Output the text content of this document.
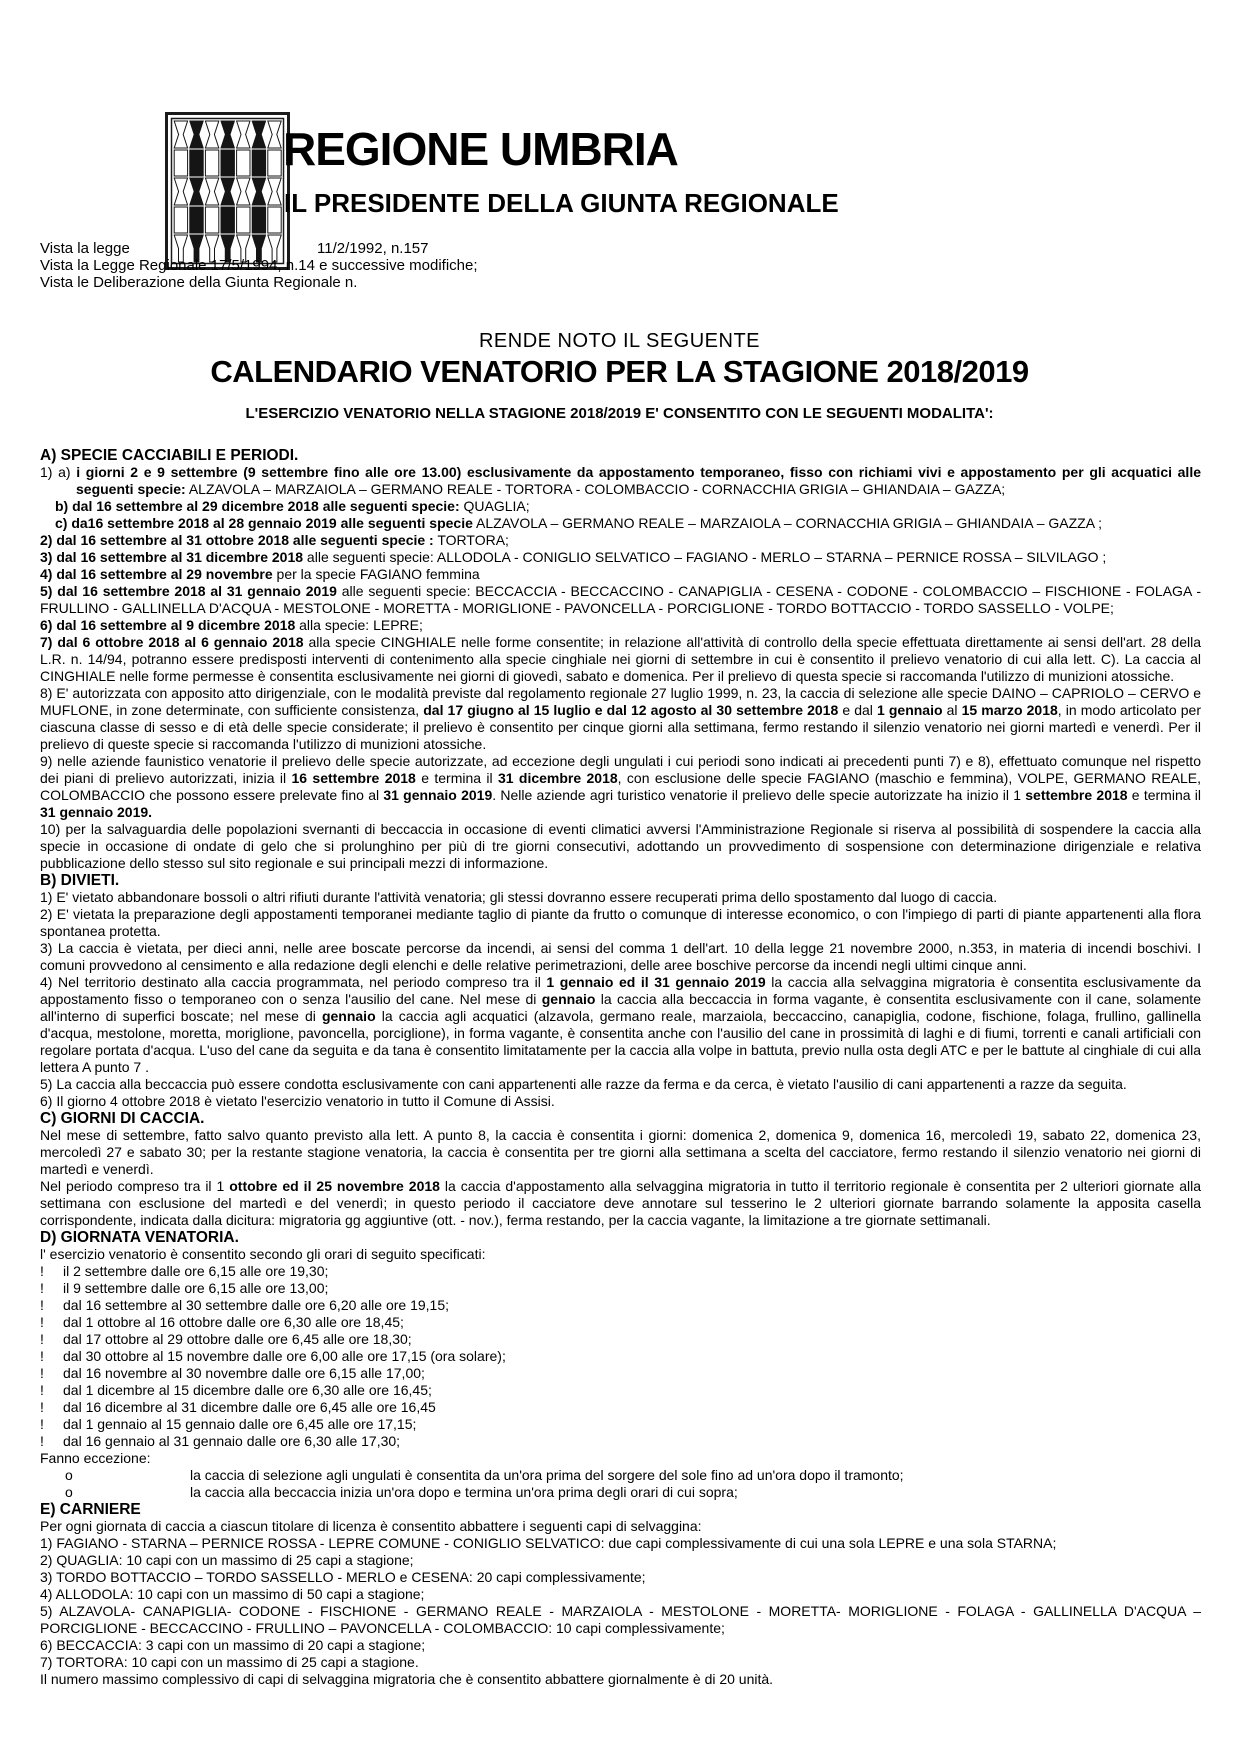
REGIONE UMBRIA
IL PRESIDENTE DELLA GIUNTA REGIONALE
Vista la legge	11/2/1992, n.157
Vista la Legge Regionale 17/5/1994, n.14 e successive modifiche;
Vista le Deliberazione della Giunta Regionale n.
RENDE NOTO IL SEGUENTE
CALENDARIO VENATORIO PER LA STAGIONE 2018/2019
L'ESERCIZIO VENATORIO NELLA STAGIONE 2018/2019 E' CONSENTITO CON LE SEGUENTI MODALITA':
A) SPECIE CACCIABILI E PERIODI.
1) a) i giorni 2 e 9 settembre (9 settembre fino alle ore 13.00) esclusivamente da appostamento temporaneo, fisso con richiami vivi e appostamento per gli acquatici alle seguenti specie: ALZAVOLA – MARZAIOLA – GERMANO REALE - TORTORA - COLOMBACCIO - CORNACCHIA GRIGIA – GHIANDAIA – GAZZA;
b) dal 16 settembre al 29 dicembre 2018 alle seguenti specie: QUAGLIA;
c) da16 settembre 2018 al 28 gennaio 2019 alle seguenti specie ALZAVOLA – GERMANO REALE – MARZAIOLA – CORNACCHIA GRIGIA – GHIANDAIA – GAZZA ;
2) dal 16 settembre al 31 ottobre 2018 alle seguenti specie : TORTORA;
3) dal 16 settembre al 31 dicembre 2018 alle seguenti specie: ALLODOLA - CONIGLIO SELVATICO – FAGIANO - MERLO – STARNA – PERNICE ROSSA – SILVILAGO ;
4) dal 16 settembre al 29 novembre per la specie FAGIANO femmina
5) dal 16 settembre 2018 al 31 gennaio 2019 alle seguenti specie: BECCACCIA - BECCACCINO - CANAPIGLIA - CESENA - CODONE - COLOMBACCIO – FISCHIONE - FOLAGA - FRULLINO - GALLINELLA D'ACQUA - MESTOLONE - MORETTA - MORIGLIONE - PAVONCELLA - PORCIGLIONE - TORDO BOTTACCIO - TORDO SASSELLO - VOLPE;
6) dal 16 settembre al 9 dicembre 2018 alla specie: LEPRE;
7) dal 6 ottobre 2018 al 6 gennaio 2018 alla specie CINGHIALE nelle forme consentite; in relazione all'attività di controllo della specie effettuata direttamente ai sensi dell'art. 28 della L.R. n. 14/94, potranno essere predisposti interventi di contenimento alla specie cinghiale nei giorni di settembre in cui è consentito il prelievo venatorio di cui alla lett. C). La caccia al CINGHIALE nelle forme permesse è consentita esclusivamente nei giorni di giovedì, sabato e domenica. Per il prelievo di questa specie si raccomanda l'utilizzo di munizioni atossiche.
8) E' autorizzata con apposito atto dirigenziale, con le modalità previste dal regolamento regionale 27 luglio 1999, n. 23, la caccia di selezione alle specie DAINO – CAPRIOLO – CERVO e MUFLONE, in zone determinate, con sufficiente consistenza, dal 17 giugno al 15 luglio e dal 12 agosto al 30 settembre 2018 e dal 1 gennaio al 15 marzo 2018, in modo articolato per ciascuna classe di sesso e di età delle specie considerate; il prelievo è consentito per cinque giorni alla settimana, fermo restando il silenzio venatorio nei giorni martedì e venerdì. Per il prelievo di queste specie si raccomanda l'utilizzo di munizioni atossiche.
9) nelle aziende faunistico venatorie il prelievo delle specie autorizzate, ad eccezione degli ungulati i cui periodi sono indicati ai precedenti punti 7) e 8), effettuato comunque nel rispetto dei piani di prelievo autorizzati, inizia il 16 settembre 2018 e termina il 31 dicembre 2018, con esclusione delle specie FAGIANO (maschio e femmina), VOLPE, GERMANO REALE, COLOMBACCIO che possono essere prelevate fino al 31 gennaio 2019. Nelle aziende agri turistico venatorie il prelievo delle specie autorizzate ha inizio il 1 settembre 2018 e termina il 31 gennaio 2019.
10) per la salvaguardia delle popolazioni svernanti di beccaccia in occasione di eventi climatici avversi l'Amministrazione Regionale si riserva al possibilità di sospendere la caccia alla specie in occasione di ondate di gelo che si prolunghino per più di tre giorni consecutivi, adottando un provvedimento di sospensione con determinazione dirigenziale e relativa pubblicazione dello stesso sul sito regionale e sui principali mezzi di informazione.
B) DIVIETI.
1) E' vietato abbandonare bossoli o altri rifiuti durante l'attività venatoria; gli stessi dovranno essere recuperati prima dello spostamento dal luogo di caccia.
2) E' vietata la preparazione degli appostamenti temporanei mediante taglio di piante da frutto o comunque di interesse economico, o con l'impiego di parti di piante appartenenti alla flora spontanea protetta.
3) La caccia è vietata, per dieci anni, nelle aree boscate percorse da incendi, ai sensi del comma 1 dell'art. 10 della legge 21 novembre 2000, n.353, in materia di incendi boschivi. I comuni provvedono al censimento e alla redazione degli elenchi e delle relative perimetrazioni, delle aree boschive percorse da incendi negli ultimi cinque anni.
4) Nel territorio destinato alla caccia programmata, nel periodo compreso tra il 1 gennaio ed il 31 gennaio 2019 la caccia alla selvaggina migratoria è consentita esclusivamente da appostamento fisso o temporaneo con o senza l'ausilio del cane. Nel mese di gennaio la caccia alla beccaccia in forma vagante, è consentita esclusivamente con il cane, solamente all'interno di superfici boscate; nel mese di gennaio la caccia agli acquatici (alzavola, germano reale, marzaiola, beccaccino, canapiglia, codone, fischione, folaga, frullino, gallinella d'acqua, mestolone, moretta, moriglione, pavoncella, porciglione), in forma vagante, è consentita anche con l'ausilio del cane in prossimità di laghi e di fiumi, torrenti e canali artificiali con regolare portata d'acqua. L'uso del cane da seguita e da tana è consentito limitatamente per la caccia alla volpe in battuta, previo nulla osta degli ATC e per le battute al cinghiale di cui alla lettera A punto 7 .
5) La caccia alla beccaccia può essere condotta esclusivamente con cani appartenenti alle razze da ferma e da cerca, è vietato l'ausilio di cani appartenenti a razze da seguita.
6) Il giorno 4 ottobre 2018 è vietato l'esercizio venatorio in tutto il Comune di Assisi.
C) GIORNI DI CACCIA.
Nel mese di settembre, fatto salvo quanto previsto alla lett. A punto 8, la caccia è consentita i giorni: domenica 2, domenica 9, domenica 16, mercoledì 19, sabato 22, domenica 23, mercoledì 27 e sabato 30; per la restante stagione venatoria, la caccia è consentita per tre giorni alla settimana a scelta del cacciatore, fermo restando il silenzio venatorio nei giorni di martedì e venerdì.
Nel periodo compreso tra il 1 ottobre ed il 25 novembre 2018 la caccia d'appostamento alla selvaggina migratoria in tutto il territorio regionale è consentita per 2 ulteriori giornate alla settimana con esclusione del martedì e del venerdì; in questo periodo il cacciatore deve annotare sul tesserino le 2 ulteriori giornate barrando solamente la apposita casella corrispondente, indicata dalla dicitura: migratoria gg aggiuntive (ott. - nov.), ferma restando, per la caccia vagante, la limitazione a tre giornate settimanali.
D) GIORNATA VENATORIA.
l' esercizio venatorio è consentito secondo gli orari di seguito specificati:
!	il 2 settembre dalle ore 6,15 alle ore 19,30;
!	il 9 settembre dalle ore 6,15 alle ore 13,00;
!	dal 16 settembre al 30 settembre dalle ore 6,20 alle ore 19,15;
!	dal 1 ottobre al 16 ottobre dalle ore 6,30 alle ore 18,45;
!	dal 17 ottobre al 29 ottobre dalle ore 6,45 alle ore 18,30;
!	dal 30 ottobre al 15 novembre dalle ore 6,00 alle ore 17,15 (ora solare);
!	dal 16 novembre al 30 novembre dalle ore 6,15 alle 17,00;
!	dal 1 dicembre al 15 dicembre dalle ore 6,30 alle ore 16,45;
!	dal 16 dicembre al 31 dicembre dalle ore 6,45 alle ore 16,45
!	dal 1 gennaio al 15 gennaio dalle ore 6,45 alle ore 17,15;
!	dal 16 gennaio al 31 gennaio dalle ore 6,30 alle 17,30;
Fanno eccezione:
o	la caccia di selezione agli ungulati è consentita da un'ora prima del sorgere del sole fino ad un'ora dopo il tramonto;
o	la caccia alla beccaccia inizia un'ora dopo e termina un'ora prima degli orari di cui sopra;
E) CARNIERE
Per ogni giornata di caccia a ciascun titolare di licenza è consentito abbattere i seguenti capi di selvaggina:
1) FAGIANO - STARNA – PERNICE ROSSA - LEPRE COMUNE - CONIGLIO SELVATICO: due capi complessivamente di cui una sola LEPRE e una sola STARNA;
2) QUAGLIA: 10 capi con un massimo di 25 capi a stagione;
3) TORDO BOTTACCIO – TORDO SASSELLO - MERLO e CESENA: 20 capi complessivamente;
4) ALLODOLA: 10 capi con un massimo di 50 capi a stagione;
5) ALZAVOLA- CANAPIGLIA- CODONE - FISCHIONE - GERMANO REALE - MARZAIOLA - MESTOLONE - MORETTA- MORIGLIONE - FOLAGA - GALLINELLA D'ACQUA – PORCIGLIONE - BECCACCINO - FRULLINO – PAVONCELLA - COLOMBACCIO: 10 capi complessivamente;
6) BECCACCIA: 3 capi con un massimo di 20 capi a stagione;
7) TORTORA: 10 capi con un massimo di 25 capi a stagione.
Il numero massimo complessivo di capi di selvaggina migratoria che è consentito abbattere giornalmente è di 20 unità.
